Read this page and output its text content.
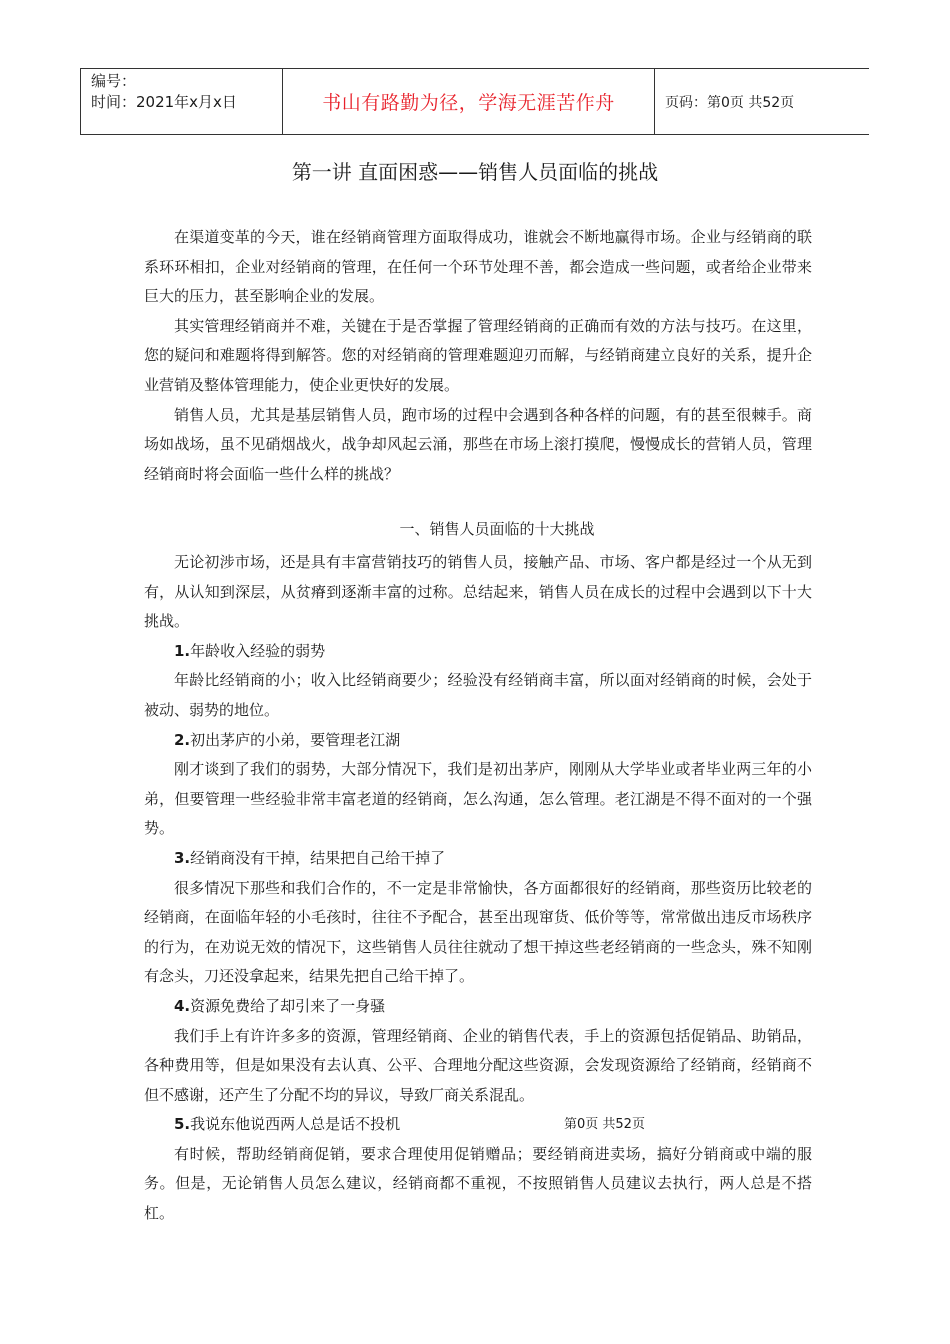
编号：
时间：2021年x月x日	书山有路勤为径，学海无涯苦作舟	页码：第0页 共52页
第一讲 直面困惑——销售人员面临的挑战

在渠道变革的今天，谁在经销商管理方面取得成功，谁就会不断地赢得市场。企业与经销商的联系环环相扣，企业对经销商的管理，在任何一个环节处理不善，都会造成一些问题，或者给企业带来巨大的压力，甚至影响企业的发展。

其实管理经销商并不难，关键在于是否掌握了管理经销商的正确而有效的方法与技巧。在这里，您的疑问和难题将得到解答。您的对经销商的管理难题迎刃而解，与经销商建立良好的关系，提升企业营销及整体管理能力，使企业更快好的发展。

销售人员，尤其是基层销售人员，跑市场的过程中会遇到各种各样的问题，有的甚至很棘手。商场如战场，虽不见硝烟战火，战争却风起云涌，那些在市场上滚打摸爬，慢慢成长的营销人员，管理经销商时将会面临一些什么样的挑战？

一、销售人员面临的十大挑战

无论初涉市场，还是具有丰富营销技巧的销售人员，接触产品、市场、客户都是经过一个从无到有，从认知到深层，从贫瘠到逐渐丰富的过称。总结起来，销售人员在成长的过程中会遇到以下十大挑战。

1.年龄收入经验的弱势

年龄比经销商的小；收入比经销商要少；经验没有经销商丰富，所以面对经销商的时候，会处于被动、弱势的地位。

2.初出茅庐的小弟，要管理老江湖

刚才谈到了我们的弱势，大部分情况下，我们是初出茅庐，刚刚从大学毕业或者毕业两三年的小弟，但要管理一些经验非常丰富老道的经销商，怎么沟通，怎么管理。老江湖是不得不面对的一个强势。

3.经销商没有干掉，结果把自己给干掉了

很多情况下那些和我们合作的，不一定是非常愉快，各方面都很好的经销商，那些资历比较老的经销商，在面临年轻的小毛孩时，往往不予配合，甚至出现窜货、低价等等，常常做出违反市场秩序的行为，在劝说无效的情况下，这些销售人员往往就动了想干掉这些老经销商的一些念头，殊不知刚有念头，刀还没拿起来，结果先把自己给干掉了。

4.资源免费给了却引来了一身骚

我们手上有许许多多的资源，管理经销商、企业的销售代表，手上的资源包括促销品、助销品，各种费用等，但是如果没有去认真、公平、合理地分配这些资源，会发现资源给了经销商，经销商不但不感谢，还产生了分配不均的异议，导致厂商关系混乱。

5.我说东他说西两人总是话不投机

有时候，帮助经销商促销，要求合理使用促销赠品；要经销商进卖场，搞好分销商或中端的服务。但是，无论销售人员怎么建议，经销商都不重视，不按照销售人员建议去执行，两人总是不搭杠。

第0页 共52页
